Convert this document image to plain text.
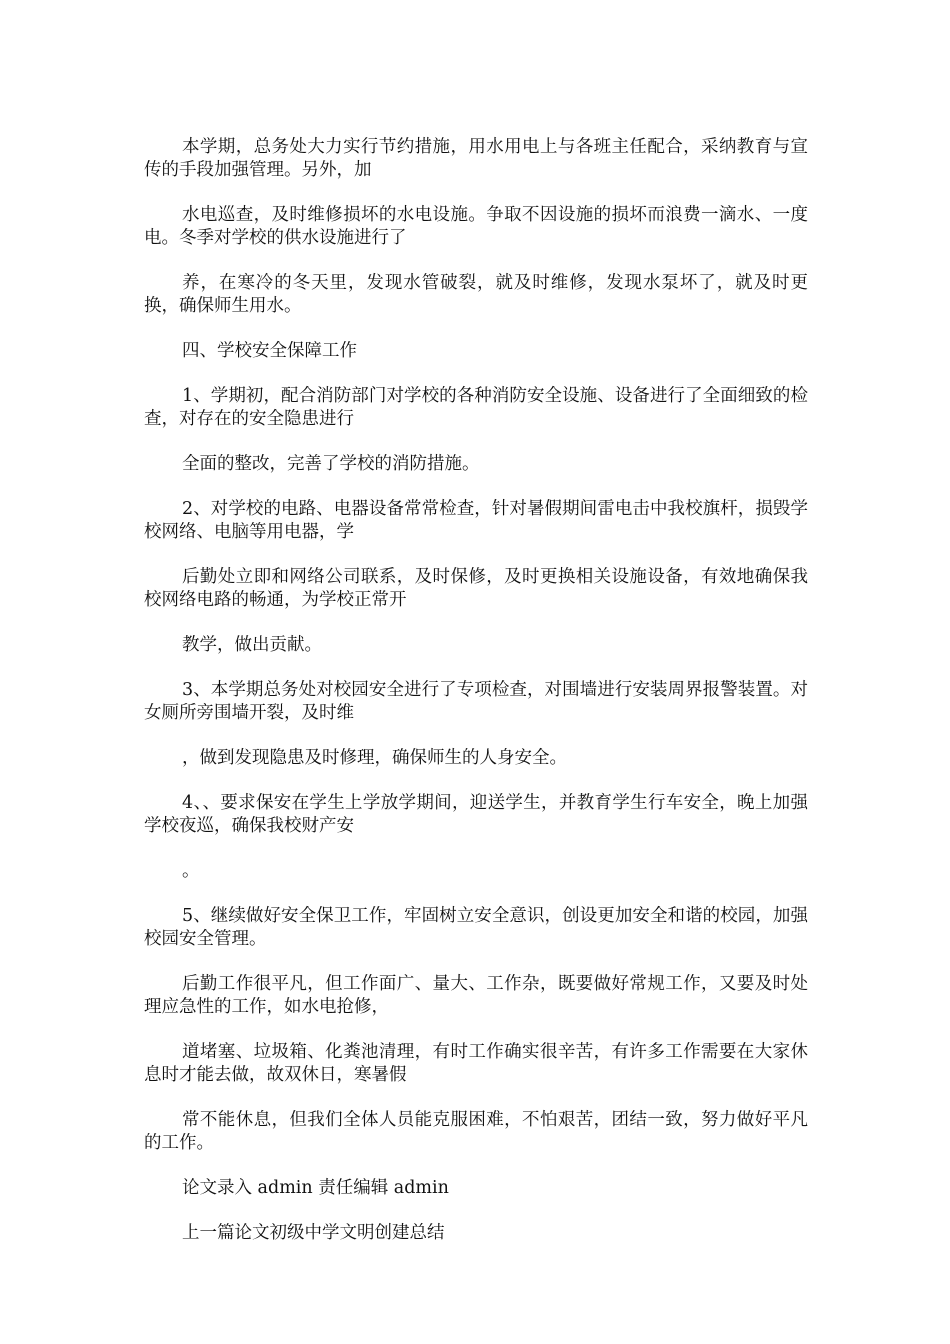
本学期，总务处大力实行节约措施，用水用电上与各班主任配合，采纳教育与宣传的手段加强管理。另外，加

水电巡查，及时维修损坏的水电设施。争取不因设施的损坏而浪费一滴水、一度电。冬季对学校的供水设施进行了

养，在寒冷的冬天里，发现水管破裂，就及时维修，发现水泵坏了，就及时更换，确保师生用水。

四、学校安全保障工作

1、学期初，配合消防部门对学校的各种消防安全设施、设备进行了全面细致的检查，对存在的安全隐患进行

全面的整改，完善了学校的消防措施。

2、对学校的电路、电器设备常常检查，针对暑假期间雷电击中我校旗杆，损毁学校网络、电脑等用电器，学

后勤处立即和网络公司联系，及时保修，及时更换相关设施设备，有效地确保我校网络电路的畅通，为学校正常开

教学，做出贡献。

3、本学期总务处对校园安全进行了专项检查，对围墙进行安装周界报警装置。对女厕所旁围墙开裂，及时维

，做到发现隐患及时修理，确保师生的人身安全。

4、、要求保安在学生上学放学期间，迎送学生，并教育学生行车安全，晚上加强学校夜巡，确保我校财产安

。

5、继续做好安全保卫工作，牢固树立安全意识，创设更加安全和谐的校园，加强校园安全管理。

后勤工作很平凡，但工作面广、量大、工作杂，既要做好常规工作，又要及时处理应急性的工作，如水电抢修，

道堵塞、垃圾箱、化粪池清理，有时工作确实很辛苦，有许多工作需要在大家休息时才能去做，故双休日，寒暑假

常不能休息，但我们全体人员能克服困难，不怕艰苦，团结一致，努力做好平凡的工作。

论文录入 admin 责任编辑 admin

上一篇论文初级中学文明创建总结
